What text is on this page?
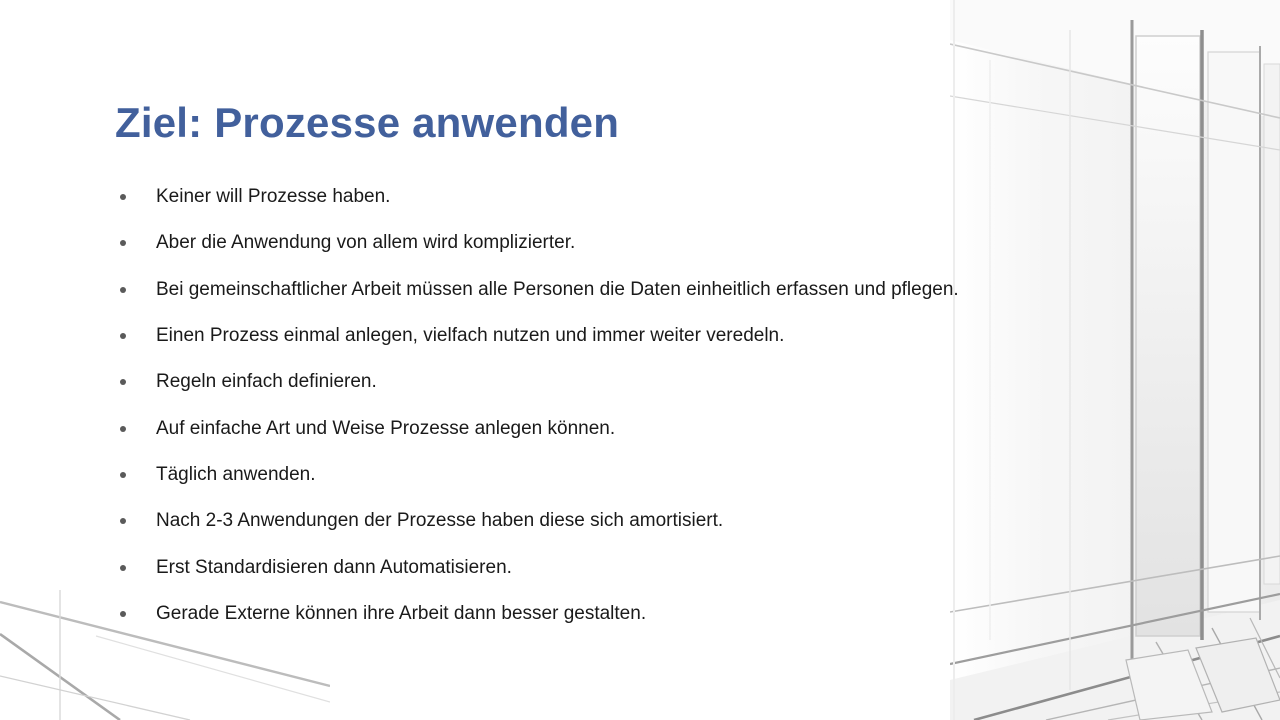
Ziel: Prozesse anwenden
Keiner will Prozesse haben.
Aber die Anwendung von allem wird komplizierter.
Bei gemeinschaftlicher Arbeit müssen alle Personen die Daten einheitlich erfassen und pflegen.
Einen Prozess einmal anlegen, vielfach nutzen und immer weiter veredeln.
Regeln einfach definieren.
Auf einfache Art und Weise Prozesse anlegen können.
Täglich anwenden.
Nach 2-3 Anwendungen der Prozesse haben diese sich amortisiert.
Erst Standardisieren dann Automatisieren.
Gerade Externe können ihre Arbeit dann besser gestalten.
